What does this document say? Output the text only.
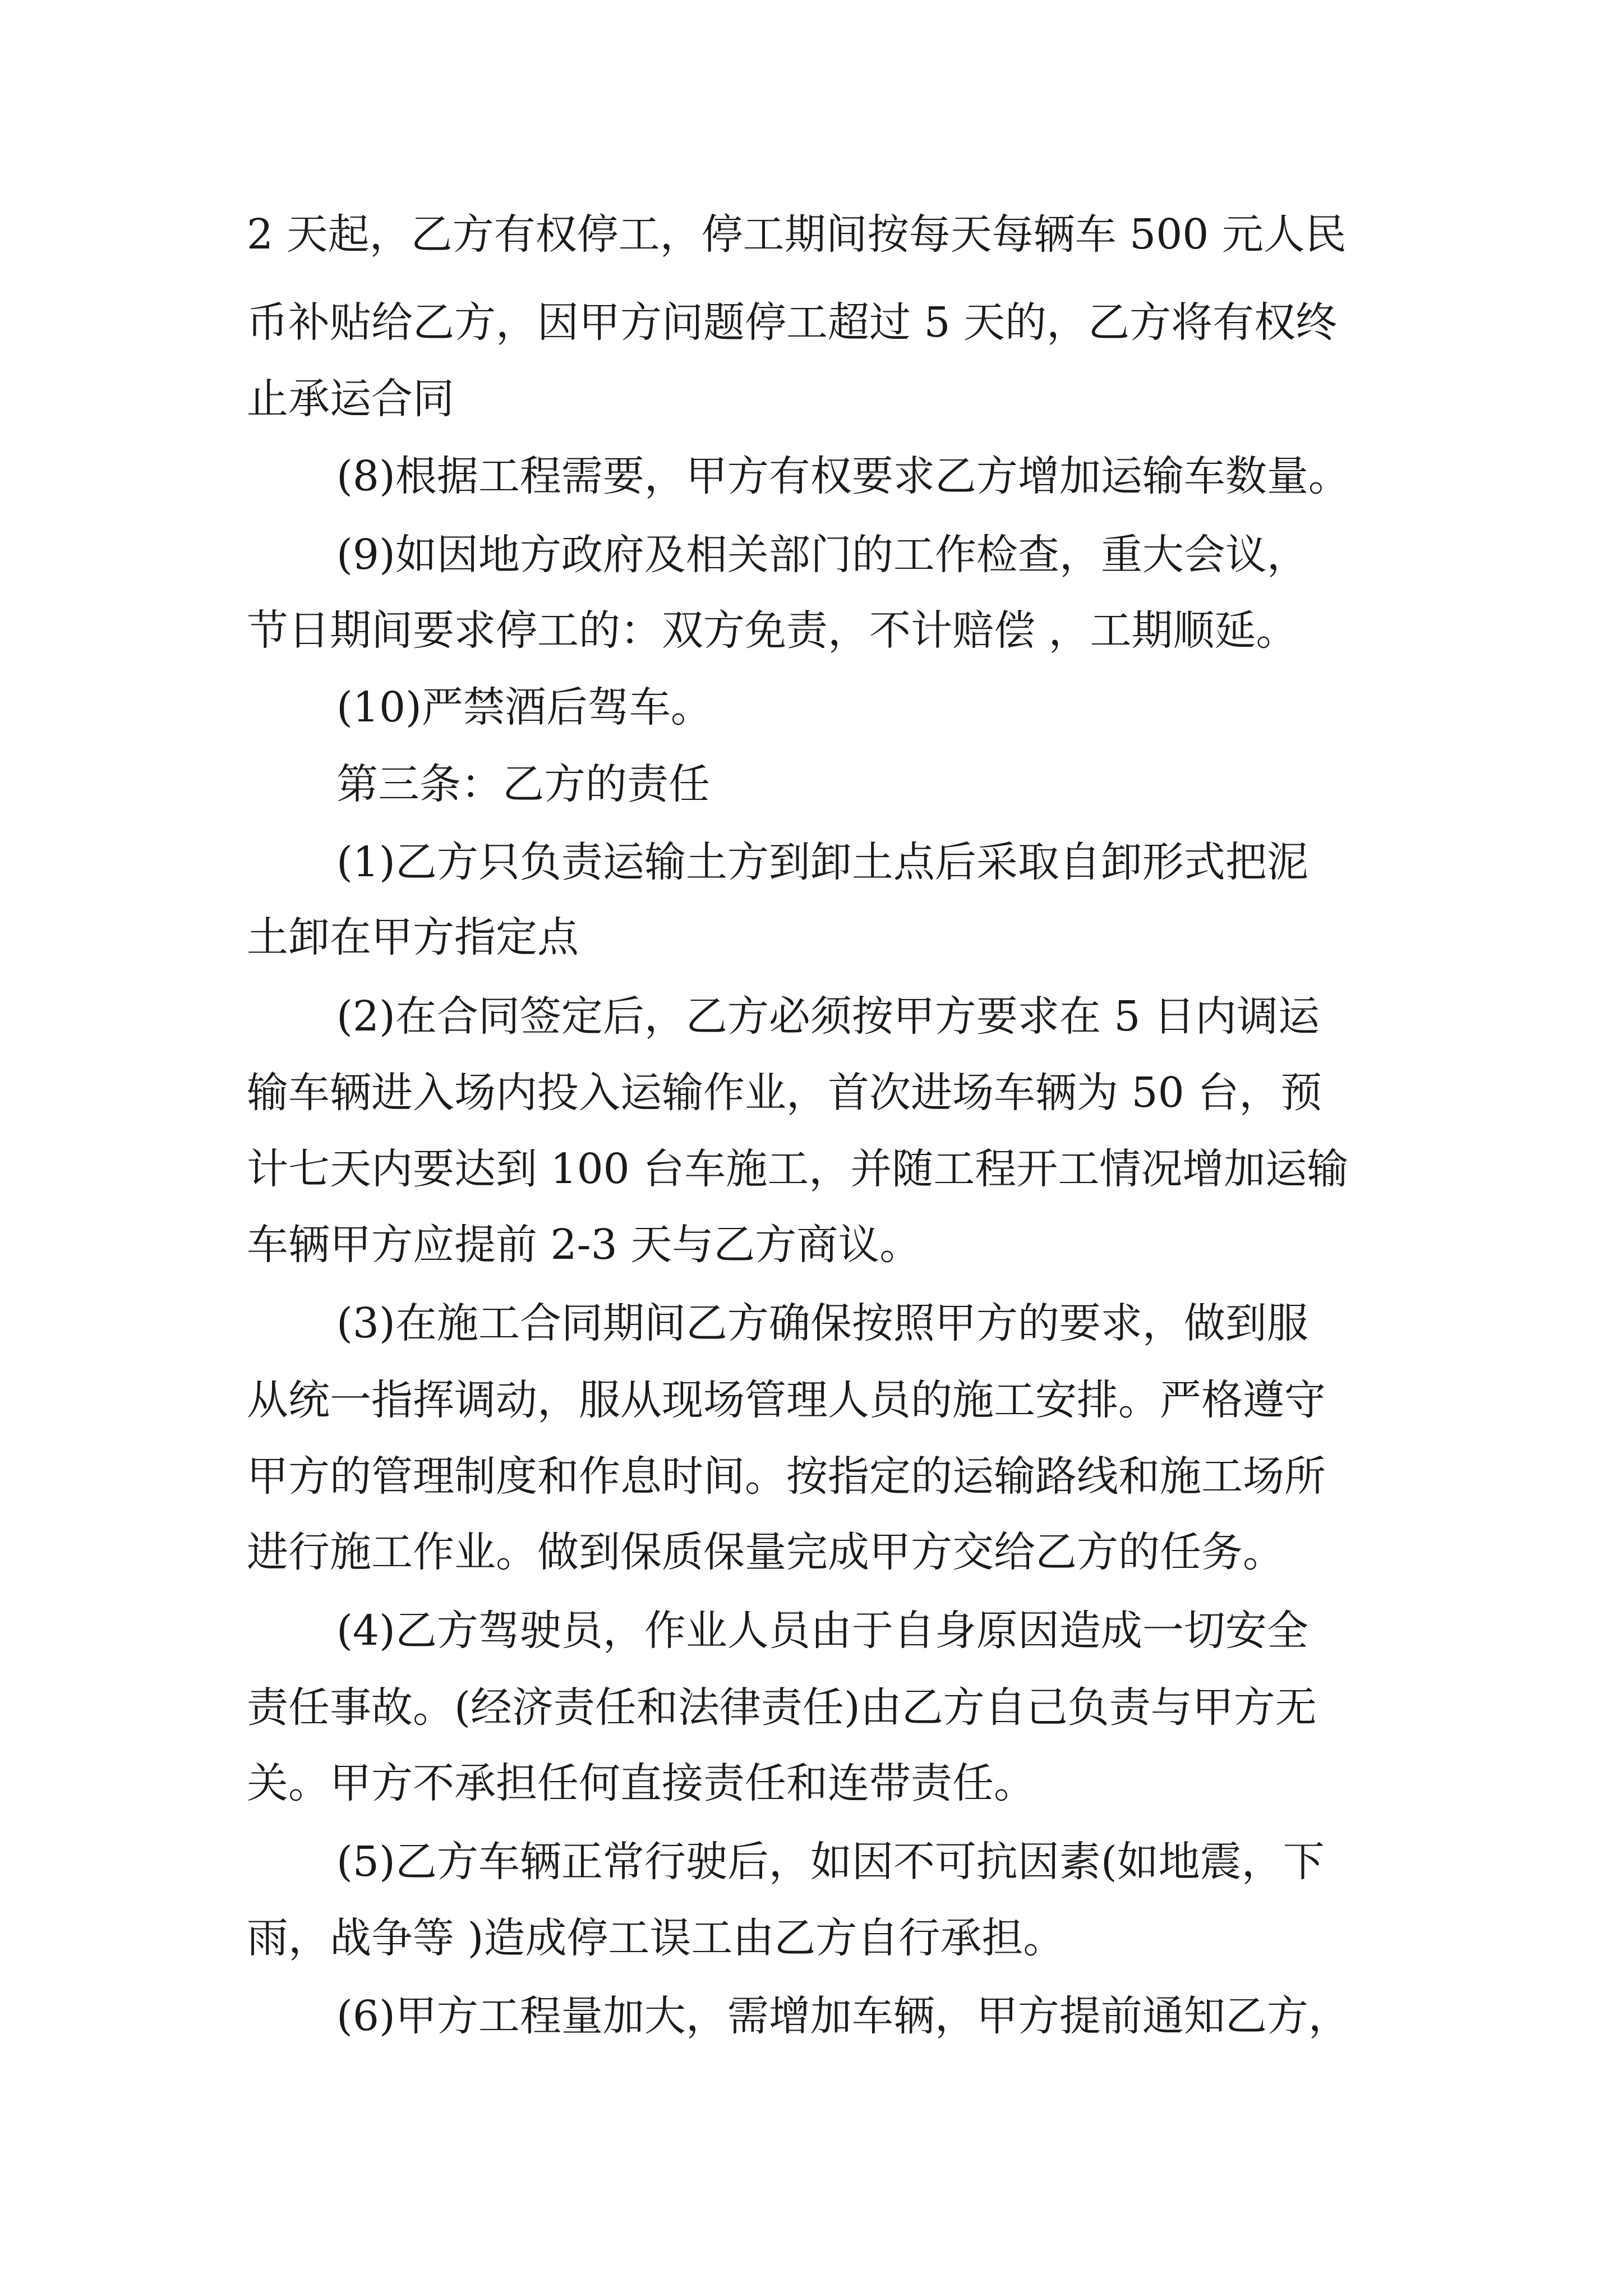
2 天起，乙方有权停工，停工期间按每天每辆车 500 元人民
币补贴给乙方，因甲方问题停工超过 5 天的，乙方将有权终
止承运合同
(8)根据工程需要，甲方有权要求乙方增加运输车数量。
(9)如因地方政府及相关部门的工作检查，重大会议，
节日期间要求停工的：双方免责，不计赔偿 ，工期顺延。
(10)严禁酒后驾车。
第三条：乙方的责任
(1)乙方只负责运输土方到卸土点后采取自卸形式把泥
土卸在甲方指定点
(2)在合同签定后，乙方必须按甲方要求在 5 日内调运
输车辆进入场内投入运输作业，首次进场车辆为 50 台，预
计七天内要达到 100 台车施工，并随工程开工情况增加运输
车辆甲方应提前 2-3 天与乙方商议。
(3)在施工合同期间乙方确保按照甲方的要求，做到服
从统一指挥调动，服从现场管理人员的施工安排。严格遵守
甲方的管理制度和作息时间。按指定的运输路线和施工场所
进行施工作业。做到保质保量完成甲方交给乙方的任务。
(4)乙方驾驶员，作业人员由于自身原因造成一切安全
责任事故。(经济责任和法律责任)由乙方自己负责与甲方无
关。甲方不承担任何直接责任和连带责任。
(5)乙方车辆正常行驶后，如因不可抗因素(如地震，下
雨，战争等 )造成停工误工由乙方自行承担。
(6)甲方工程量加大，需增加车辆，甲方提前通知乙方，
